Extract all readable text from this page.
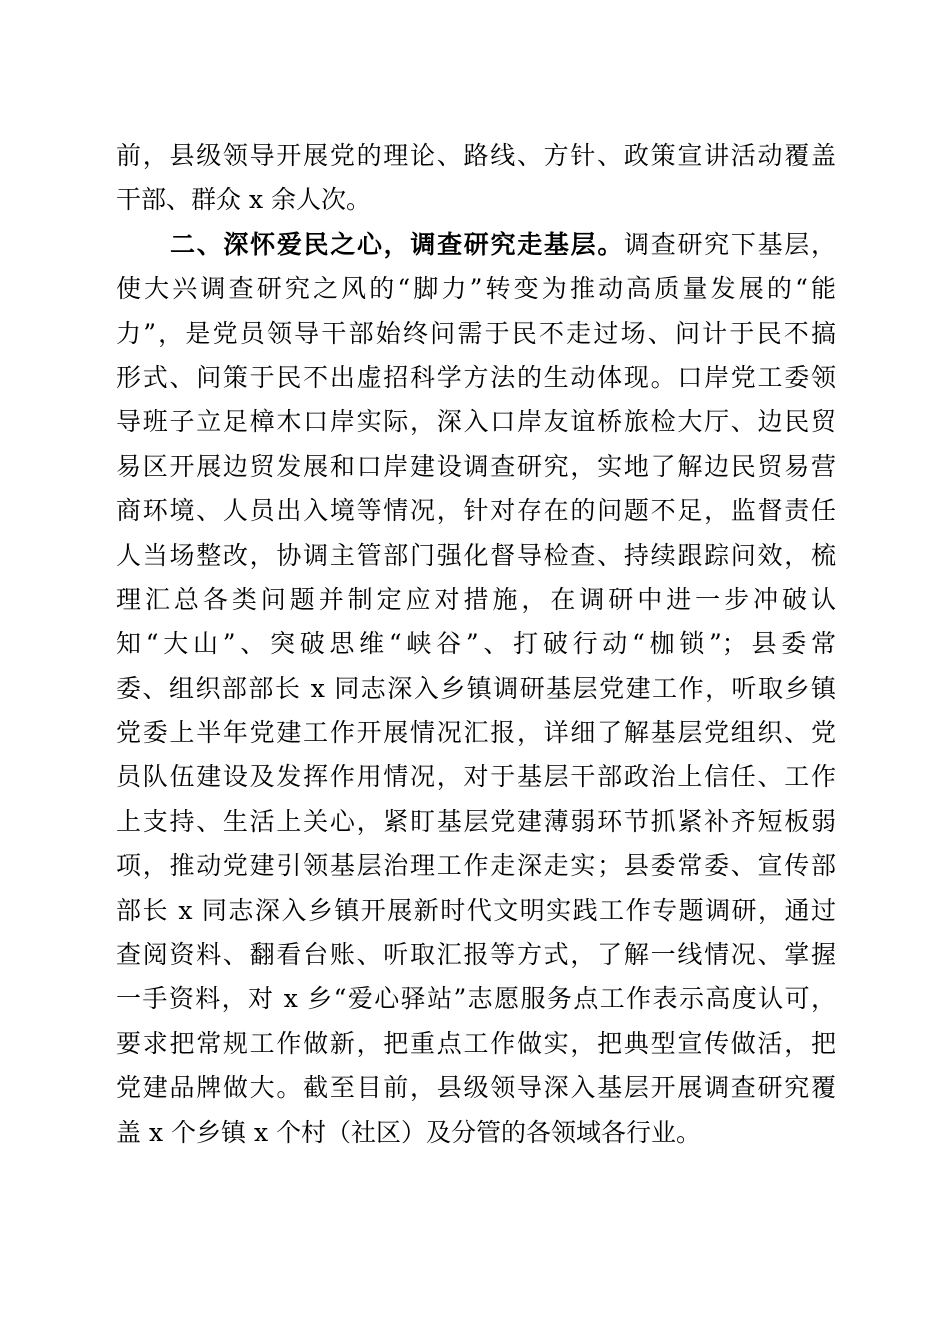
前，县级领导开展党的理论、路线、方针、政策宣讲活动覆盖
干部、群众 x 余人次。
二、深怀爱民之心，调查研究走基层。调查研究下基层，
使大兴调查研究之风的“脚力”转变为推动高质量发展的“能
力”，是党员领导干部始终问需于民不走过场、问计于民不搞
形式、问策于民不出虚招科学方法的生动体现。口岸党工委领
导班子立足樟木口岸实际，深入口岸友谊桥旅检大厅、边民贸
易区开展边贸发展和口岸建设调查研究，实地了解边民贸易营
商环境、人员出入境等情况，针对存在的问题不足，监督责任
人当场整改，协调主管部门强化督导检查、持续跟踪问效，梳
理汇总各类问题并制定应对措施，在调研中进一步冲破认
知“大山”、突破思维“峡谷”、打破行动“枷锁”；县委常
委、组织部部长 x 同志深入乡镇调研基层党建工作，听取乡镇
党委上半年党建工作开展情况汇报，详细了解基层党组织、党
员队伍建设及发挥作用情况，对于基层干部政治上信任、工作
上支持、生活上关心，紧盯基层党建薄弱环节抓紧补齐短板弱
项，推动党建引领基层治理工作走深走实；县委常委、宣传部
部长 x 同志深入乡镇开展新时代文明实践工作专题调研，通过
查阅资料、翻看台账、听取汇报等方式，了解一线情况、掌握
一手资料，对 x 乡“爱心驿站”志愿服务点工作表示高度认可，
要求把常规工作做新，把重点工作做实，把典型宣传做活，把
党建品牌做大。截至目前，县级领导深入基层开展调查研究覆
盖 x 个乡镇 x 个村（社区）及分管的各领域各行业。
